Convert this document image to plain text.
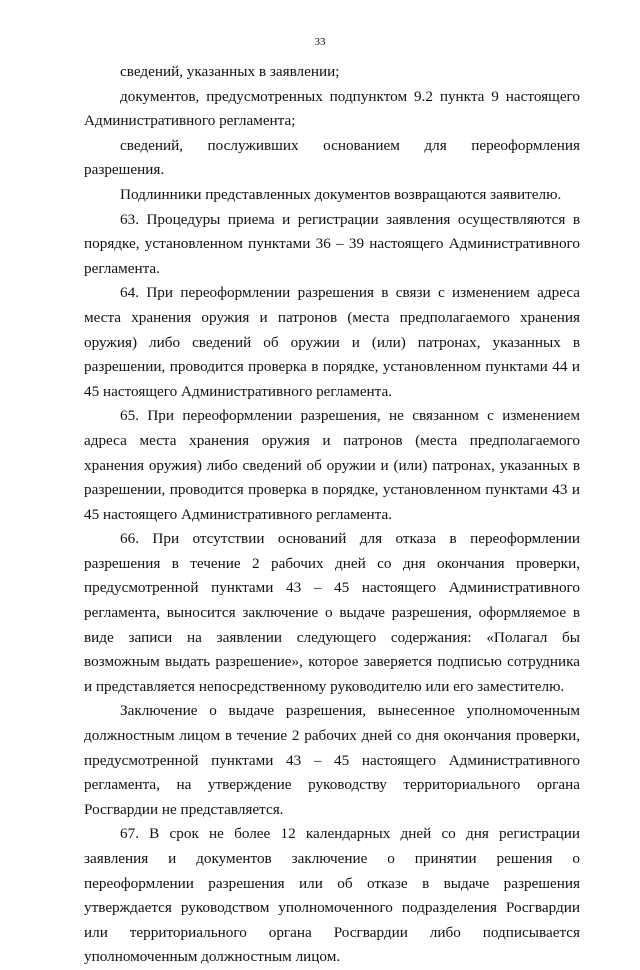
33

сведений, указанных в заявлении;

документов, предусмотренных подпунктом 9.2 пункта 9 настоящего Административного регламента;

сведений, послуживших основанием для переоформления разрешения.

Подлинники представленных документов возвращаются заявителю.

63. Процедуры приема и регистрации заявления осуществляются в порядке, установленном пунктами 36 – 39 настоящего Административного регламента.

64. При переоформлении разрешения в связи с изменением адреса места хранения оружия и патронов (места предполагаемого хранения оружия) либо сведений об оружии и (или) патронах, указанных в разрешении, проводится проверка в порядке, установленном пунктами 44 и 45 настоящего Административного регламента.

65. При переоформлении разрешения, не связанном с изменением адреса места хранения оружия и патронов (места предполагаемого хранения оружия) либо сведений об оружии и (или) патронах, указанных в разрешении, проводится проверка в порядке, установленном пунктами 43 и 45 настоящего Административного регламента.

66. При отсутствии оснований для отказа в переоформлении разрешения в течение 2 рабочих дней со дня окончания проверки, предусмотренной пунктами 43 – 45 настоящего Административного регламента, выносится заключение о выдаче разрешения, оформляемое в виде записи на заявлении следующего содержания: «Полагал бы возможным выдать разрешение», которое заверяется подписью сотрудника и представляется непосредственному руководителю или его заместителю.

Заключение о выдаче разрешения, вынесенное уполномоченным должностным лицом в течение 2 рабочих дней со дня окончания проверки, предусмотренной пунктами 43 – 45 настоящего Административного регламента, на утверждение руководству территориального органа Росгвардии не представляется.

67. В срок не более 12 календарных дней со дня регистрации заявления и документов заключение о принятии решения о переоформлении разрешения или об отказе в выдаче разрешения утверждается руководством уполномоченного подразделения Росгвардии или территориального органа Росгвардии либо подписывается уполномоченным должностным лицом.
